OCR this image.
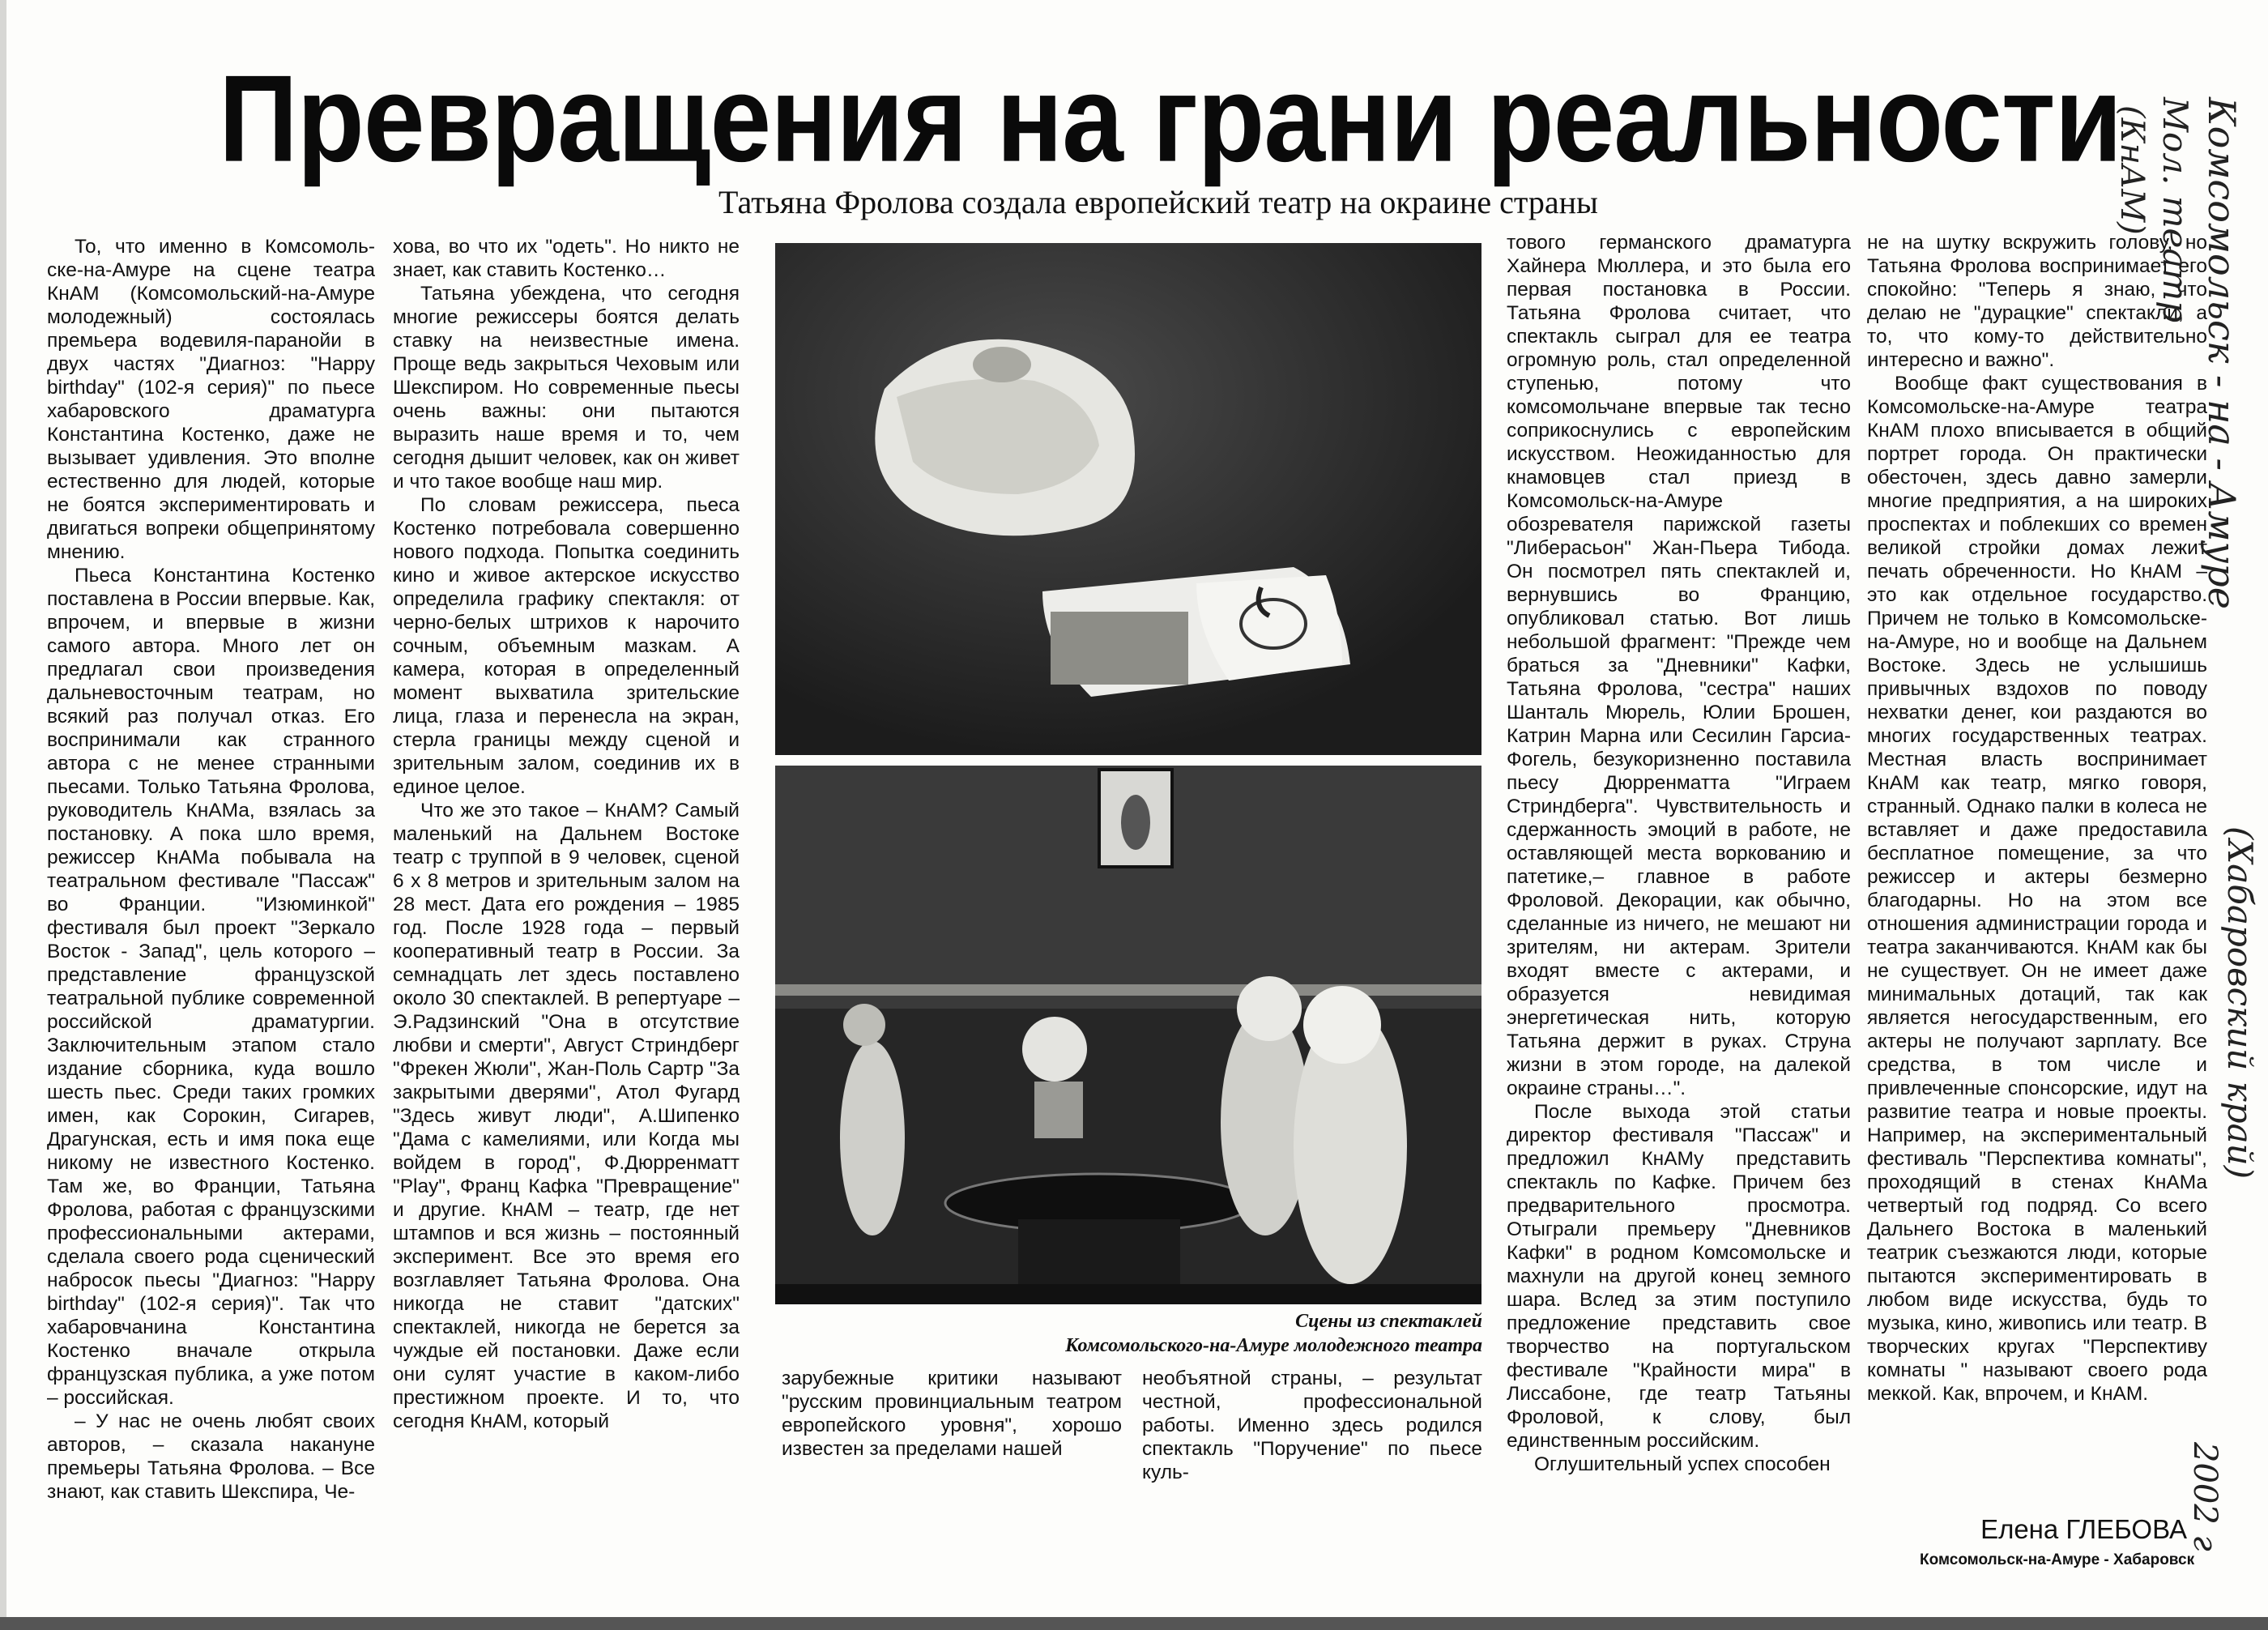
Превращения на грани реальности
Татьяна Фролова создала европейский театр на окраине страны

То, что именно в Комсомоль-ске-на-Амуре на сцене театра КнАМ (Комсомольский-на-Амуре молодежный) состоялась премьера водевиля-паранойи в двух частях "Диагноз: "Happy birthday" (102-я серия)" по пьесе хабаровского драматурга Константина Костенко, даже не вызывает удивления. Это вполне естественно для людей, которые не боятся экспериментировать и двигаться вопреки общепринятому мнению.

Пьеса Константина Костенко поставлена в России впервые. Как, впрочем, и впервые в жизни самого автора. Много лет он предлагал свои произведения дальневосточным театрам, но всякий раз получал отказ. Его воспринимали как странного автора с не менее странными пьесами. Только Татьяна Фролова, руководитель КнАМа, взялась за постановку. А пока шло время, режиссер КнАМа побывала на театральном фестивале "Пассаж" во Франции. "Изюминкой" фестиваля был проект "Зеркало Восток - Запад", цель которого – представление французской театральной публике современной российской драматургии. Заключительным этапом стало издание сборника, куда вошло шесть пьес. Среди таких громких имен, как Сорокин, Сигарев, Драгунская, есть и имя пока еще никому не известного Костенко. Там же, во Франции, Татьяна Фролова, работая с французскими профессиональными актерами, сделала своего рода сценический набросок пьесы "Диагноз: "Happy birthday" (102-я серия)". Так что хабаровчанина Константина Костенко вначале открыла французская публика, а уже потом – российская.

– У нас не очень любят своих авторов, – сказала накануне премьеры Татьяна Фролова. – Все знают, как ставить Шекспира, Че-

хова, во что их "одеть". Но никто не знает, как ставить Костенко…

Татьяна убеждена, что сегодня многие режиссеры боятся делать ставку на неизвестные имена. Проще ведь закрыться Чеховым или Шекспиром. Но современные пьесы очень важны: они пытаются выразить наше время и то, чем сегодня дышит человек, как он живет и что такое вообще наш мир.

По словам режиссера, пьеса Костенко потребовала совершенно нового подхода. Попытка соединить кино и живое актерское искусство определила графику спектакля: от черно-белых штрихов к нарочито сочным, объемным мазкам. А камера, которая в определенный момент выхватила зрительские лица, глаза и перенесла на экран, стерла границы между сценой и зрительным залом, соединив их в единое целое.

Что же это такое – КнАМ? Самый маленький на Дальнем Востоке театр с труппой в 9 человек, сценой 6 х 8 метров и зрительным залом на 28 мест. Дата его рождения – 1985 год. После 1928 года – первый кооперативный театр в России. За семнадцать лет здесь поставлено около 30 спектаклей. В репертуаре – Э.Радзинский "Она в отсутствие любви и смерти", Август Стриндберг "Фрекен Жюли", Жан-Поль Сартр "За закрытыми дверями", Атол Фугард "Здесь живут люди", А.Шипенко "Дама с камелиями, или Когда мы войдем в город", Ф.Дюрренматт "Play", Франц Кафка "Превращение" и другие. КнАМ – театр, где нет штампов и вся жизнь – постоянный эксперимент. Все это время его возглавляет Татьяна Фролова. Она никогда не ставит "датских" спектаклей, никогда не берется за чуждые ей постановки. Даже если они сулят участие в каком-либо престижном проекте. И то, что сегодня КнАМ, который

Сцены из спектаклей
Комсомольского-на-Амуре молодежного театра

зарубежные критики называют "русским провинциальным театром европейского уровня", хорошо известен за пределами нашей

необъятной страны, – результат честной, профессиональной работы. Именно здесь родился спектакль "Поручение" по пьесе куль-

тового германского драматурга Хайнера Мюллера, и это была его первая постановка в России. Татьяна Фролова считает, что спектакль сыграл для ее театра огромную роль, стал определенной ступенью, потому что комсомольчане впервые так тесно соприкоснулись с европейским искусством. Неожиданностью для кнамовцев стал приезд в Комсомольск-на-Амуре обозревателя парижской газеты "Либерасьон" Жан-Пьера Тибода. Он посмотрел пять спектаклей и, вернувшись во Францию, опубликовал статью. Вот лишь небольшой фрагмент: "Прежде чем браться за "Дневники" Кафки, Татьяна Фролова, "сестра" наших Шанталь Мюрель, Юлии Брошен, Катрин Марна или Сесилин Гарсиа-Фогель, безукоризненно поставила пьесу Дюрренматта "Играем Стриндберга". Чувствительность и сдержанность эмоций в работе, не оставляющей места воркованию и патетике,– главное в работе Фроловой. Декорации, как обычно, сделанные из ничего, не мешают ни зрителям, ни актерам. Зрители входят вместе с актерами, и образуется невидимая энергетическая нить, которую Татьяна держит в руках. Струна жизни в этом городе, на далекой окраине страны…".

После выхода этой статьи директор фестиваля "Пассаж" и предложил КнАМу представить спектакль по Кафке. Причем без предварительного просмотра. Отыграли премьеру "Дневников Кафки" в родном Комсомольске и махнули на другой конец земного шара. Вслед за этим поступило предложение представить свое творчество на португальском фестивале "Крайности мира" в Лиссабоне, где театр Татьяны Фроловой, к слову, был единственным российским.

Оглушительный успех способен

не на шутку вскружить голову, но Татьяна Фролова воспринимает его спокойно: "Теперь я знаю, что делаю не "дурацкие" спектакли, а то, что кому-то действительно интересно и важно".

Вообще факт существования в Комсомольске-на-Амуре театра КнАМ плохо вписывается в общий портрет города. Он практически обесточен, здесь давно замерли многие предприятия, а на широких проспектах и поблекших со времен великой стройки домах лежит печать обреченности. Но КнАМ – это как отдельное государство. Причем не только в Комсомольске-на-Амуре, но и вообще на Дальнем Востоке. Здесь не услышишь привычных вздохов по поводу нехватки денег, кои раздаются во многих государственных театрах. Местная власть воспринимает КнАМ как театр, мягко говоря, странный. Однако палки в колеса не вставляет и даже предоставила бесплатное помещение, за что режиссер и актеры безмерно благодарны. Но на этом все отношения администрации города и театра заканчиваются. КнАМ как бы не существует. Он не имеет даже минимальных дотаций, так как является негосударственным, его актеры не получают зарплату. Все средства, в том числе и привлеченные спонсорские, идут на развитие театра и новые проекты. Например, на экспериментальный фестиваль "Перспектива комнаты", проходящий в стенах КнАМа четвертый год подряд. Со всего Дальнего Востока в маленький театрик съезжаются люди, которые пытаются экспериментировать в любом виде искусства, будь то музыка, кино, живопись или театр. В творческих кругах "Перспективу комнаты " называют своего рода меккой. Как, впрочем, и КнАМ.

Елена ГЛЕБОВА
Комсомольск-на-Амуре - Хабаровск
Комсомольск - на - Амуре
Мол. театр
(КнАМ)
(Хабаровский край)
2002 г
